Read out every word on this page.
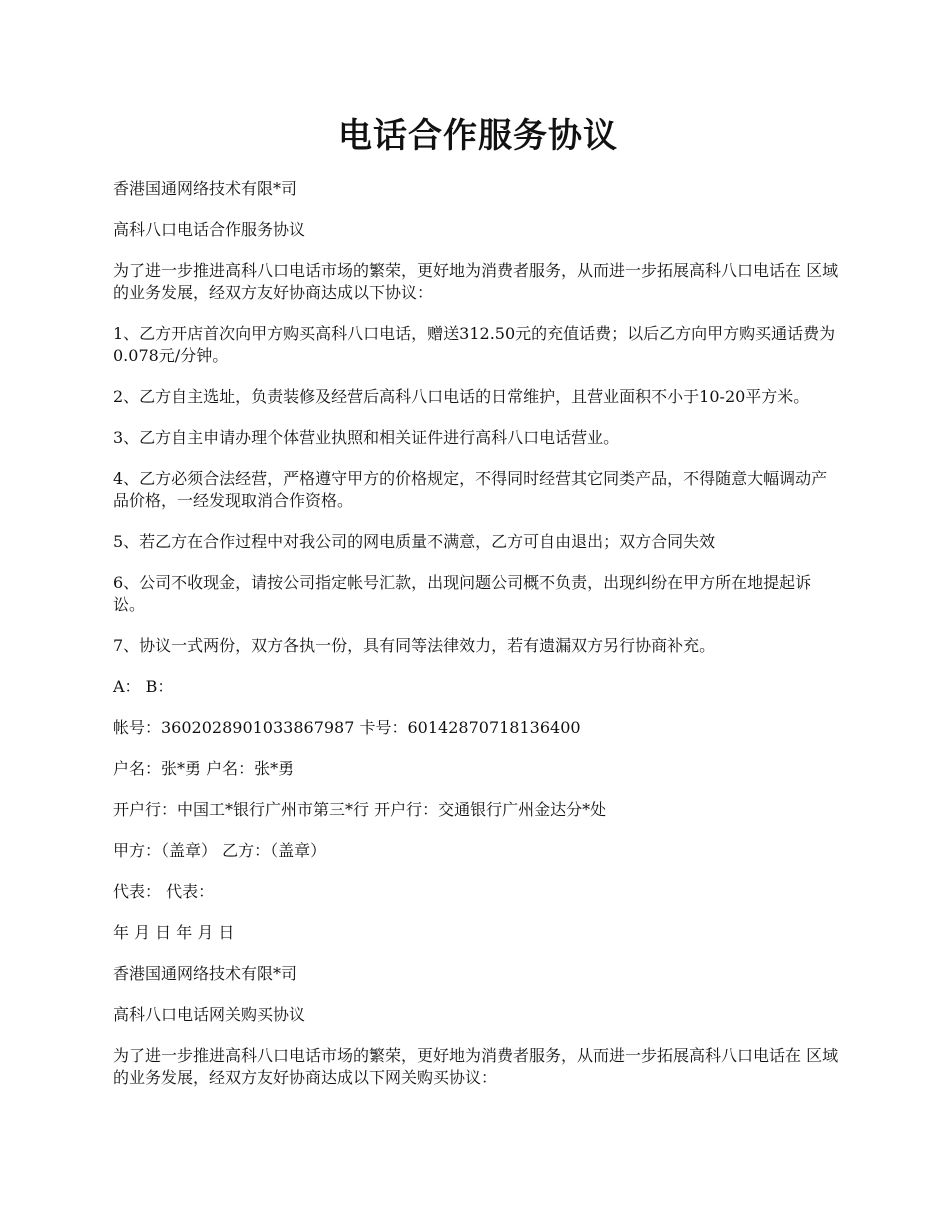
电话合作服务协议

香港国通网络技术有限*司

高科八口电话合作服务协议

为了进一步推进高科八口电话市场的繁荣，更好地为消费者服务，从而进一步拓展高科八口电话在 区域的业务发展，经双方友好协商达成以下协议：

1、乙方开店首次向甲方购买高科八口电话，赠送312.50元的充值话费；以后乙方向甲方购买通话费为0.078元/分钟。

2、乙方自主选址，负责装修及经营后高科八口电话的日常维护，且营业面积不小于10-20平方米。

3、乙方自主申请办理个体营业执照和相关证件进行高科八口电话营业。

4、乙方必须合法经营，严格遵守甲方的价格规定，不得同时经营其它同类产品，不得随意大幅调动产品价格，一经发现取消合作资格。

5、若乙方在合作过程中对我公司的网电质量不满意，乙方可自由退出；双方合同失效

6、公司不收现金，请按公司指定帐号汇款，出现问题公司概不负责，出现纠纷在甲方所在地提起诉讼。

7、协议一式两份，双方各执一份，具有同等法律效力，若有遗漏双方另行协商补充。

A： B：

帐号：3602028901033867987 卡号：60142870718136400

户名：张*勇 户名：张*勇

开户行：中国工*银行广州市第三*行 开户行：交通银行广州金达分*处

甲方：（盖章） 乙方：（盖章）

代表： 代表：

年 月 日 年 月 日

香港国通网络技术有限*司

高科八口电话网关购买协议

为了进一步推进高科八口电话市场的繁荣，更好地为消费者服务，从而进一步拓展高科八口电话在 区域的业务发展，经双方友好协商达成以下网关购买协议：
